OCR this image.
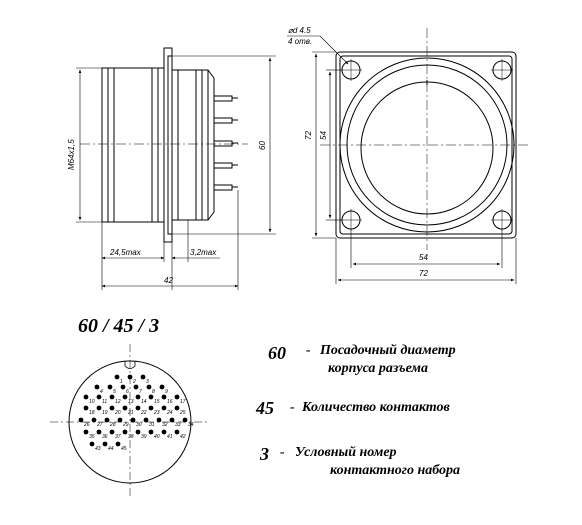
M64x1,5	60
24,5max	3,2max
42
⌀d 4.5
4 отв.
72 54
54
72
60 / 45 / 3
1 2 3
4 5 6 7 8 9
10 11 12 13 14 15 16 17
18 19 20 21 22 23 24 25
26 27 28 29 30 31 32 33 34
35 36 37 38 39 40 41 42
43 44 45
60 - Посадочный диаметр
корпуса разъема
45 - Количество контактов
3 - Условный номер
контактного набора
